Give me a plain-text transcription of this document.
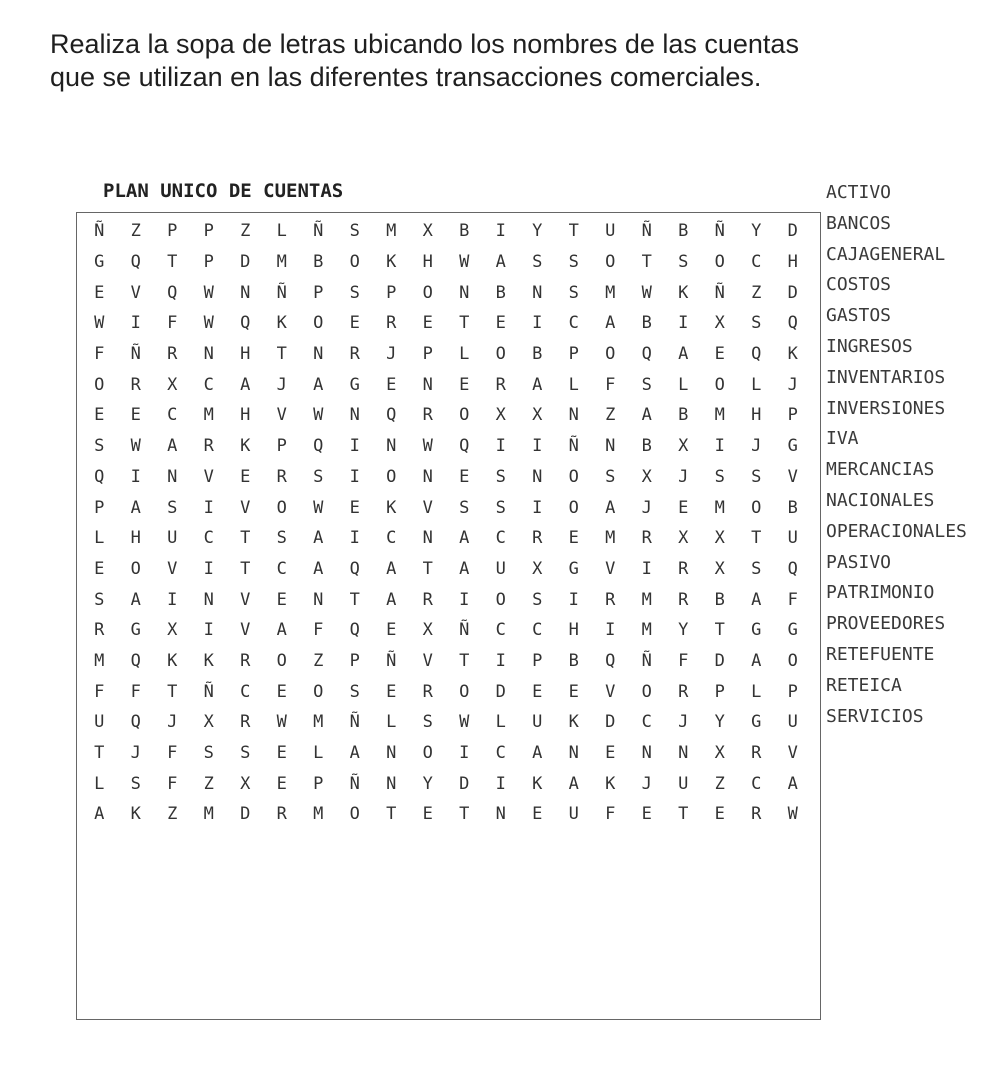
Realiza la sopa de letras ubicando los nombres de las cuentas
que se utilizan en las diferentes transacciones comerciales.
PLAN UNICO DE CUENTAS
Ñ	Z	P	P	Z	L	Ñ	S	M	X	B	I	Y	T	U	Ñ	B	Ñ	Y	D
G	Q	T	P	D	M	B	O	K	H	W	A	S	S	O	T	S	O	C	H
E	V	Q	W	N	Ñ	P	S	P	O	N	B	N	S	M	W	K	Ñ	Z	D
W	I	F	W	Q	K	O	E	R	E	T	E	I	C	A	B	I	X	S	Q
F	Ñ	R	N	H	T	N	R	J	P	L	O	B	P	O	Q	A	E	Q	K
O	R	X	C	A	J	A	G	E	N	E	R	A	L	F	S	L	O	L	J
E	E	C	M	H	V	W	N	Q	R	O	X	X	N	Z	A	B	M	H	P
S	W	A	R	K	P	Q	I	N	W	Q	I	I	Ñ	N	B	X	I	J	G
Q	I	N	V	E	R	S	I	O	N	E	S	N	O	S	X	J	S	S	V
P	A	S	I	V	O	W	E	K	V	S	S	I	O	A	J	E	M	O	B
L	H	U	C	T	S	A	I	C	N	A	C	R	E	M	R	X	X	T	U
E	O	V	I	T	C	A	Q	A	T	A	U	X	G	V	I	R	X	S	Q
S	A	I	N	V	E	N	T	A	R	I	O	S	I	R	M	R	B	A	F
R	G	X	I	V	A	F	Q	E	X	Ñ	C	C	H	I	M	Y	T	G	G
M	Q	K	K	R	O	Z	P	Ñ	V	T	I	P	B	Q	Ñ	F	D	A	O
F	F	T	Ñ	C	E	O	S	E	R	O	D	E	E	V	O	R	P	L	P
U	Q	J	X	R	W	M	Ñ	L	S	W	L	U	K	D	C	J	Y	G	U
T	J	F	S	S	E	L	A	N	O	I	C	A	N	E	N	N	X	R	V
L	S	F	Z	X	E	P	Ñ	N	Y	D	I	K	A	K	J	U	Z	C	A
A	K	Z	M	D	R	M	O	T	E	T	N	E	U	F	E	T	E	R	W
ACTIVO
BANCOS
CAJAGENERAL
COSTOS
GASTOS
INGRESOS
INVENTARIOS
INVERSIONES
IVA
MERCANCIAS
NACIONALES
OPERACIONALES
PASIVO
PATRIMONIO
PROVEEDORES
RETEFUENTE
RETEICA
SERVICIOS
